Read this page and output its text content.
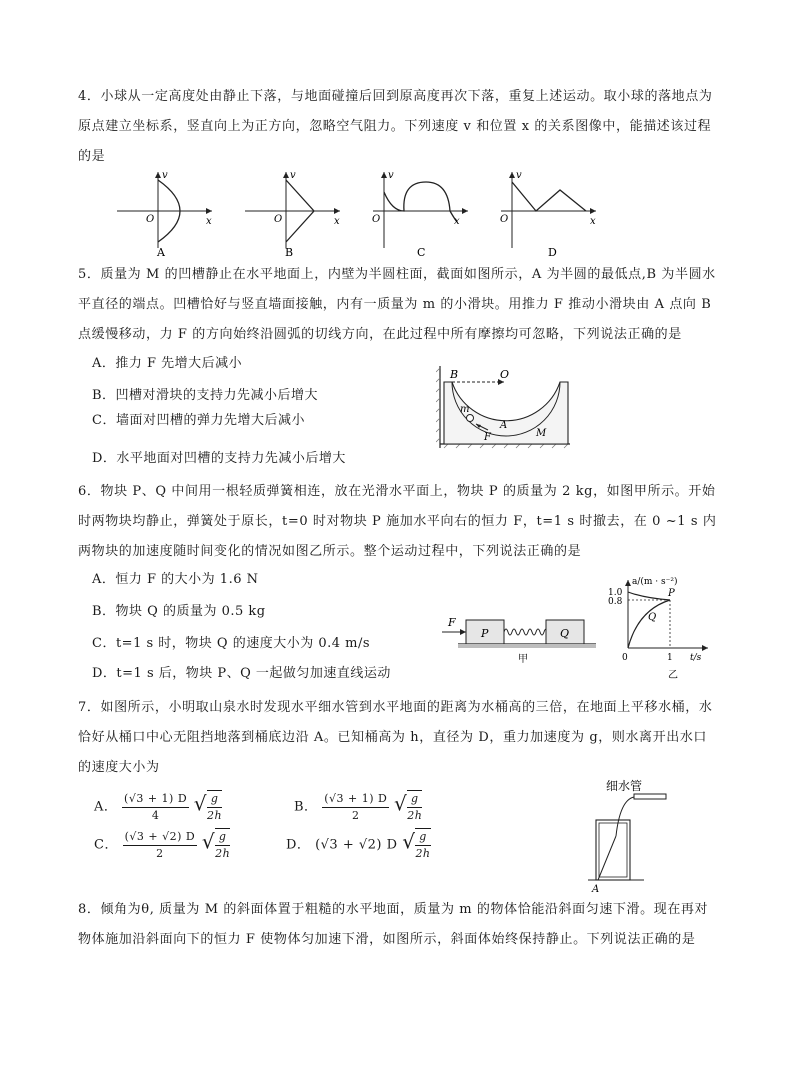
4．小球从一定高度处由静止下落，与地面碰撞后回到原高度再次下落，重复上述运动。取小球的落地点为原点建立坐标系，竖直向上为正方向，忽略空气阻力。下列速度 v 和位置 x 的关系图像中，能描述该过程的是
v
O	x
A
v
O	x
B
v
O	x
C
v
O	x
D
5．质量为 M 的凹槽静止在水平地面上，内壁为半圆柱面，截面如图所示，A 为半圆的最低点,B 为半圆水平直径的端点。凹槽恰好与竖直墙面接触，内有一质量为 m 的小滑块。用推力 F 推动小滑块由 A 点向 B 点缓慢移动，力 F 的方向始终沿圆弧的切线方向，在此过程中所有摩擦均可忽略，下列说法正确的是
A．推力 F 先增大后减小
B．凹槽对滑块的支持力先减小后增大
C．墙面对凹槽的弹力先增大后减小
D．水平地面对凹槽的支持力先减小后增大
B	O
m
A
F	M
6．物块 P、Q 中间用一根轻质弹簧相连，放在光滑水平面上，物块 P 的质量为 2 kg，如图甲所示。开始时两物块均静止，弹簧处于原长，t=0 时对物块 P 施加水平向右的恒力 F，t=1 s 时撤去，在 0 ~1 s 内两物块的加速度随时间变化的情况如图乙所示。整个运动过程中，下列说法正确的是
A．恒力 F 的大小为 1.6 N
B．物块 Q 的质量为 0.5 kg
C．t=1 s 时，物块 Q 的速度大小为 0.4 m/s
D．t=1 s 后，物块 P、Q 一起做匀加速直线运动
F
P	Q
甲
a/(m · s⁻²)
1.0
0.8
P
Q
0	1 t/s
乙
7．如图所示，小明取山泉水时发现水平细水管到水平地面的距离为水桶高的三倍，在地面上平移水桶，水恰好从桶口中心无阻挡地落到桶底边沿 A。已知桶高为 h，直径为 D，重力加速度为 g，则水离开出水口的速度大小为
A． $\frac{(√3 + 1) D}{4}$ √ $\frac{g}{2h}$	B． $\frac{(√3 + 1) D}{2}$ √ $\frac{g}{2h}$
C． $\frac{(√3 + √2) D}{2}$ √ $\frac{g}{2h}$	D． (√3 + √2) D √ $\frac{g}{2h}$
细水管
A
8．倾角为θ, 质量为 M 的斜面体置于粗糙的水平地面，质量为 m 的物体恰能沿斜面匀速下滑。现在再对物体施加沿斜面向下的恒力 F 使物体匀加速下滑，如图所示，斜面体始终保持静止。下列说法正确的是
